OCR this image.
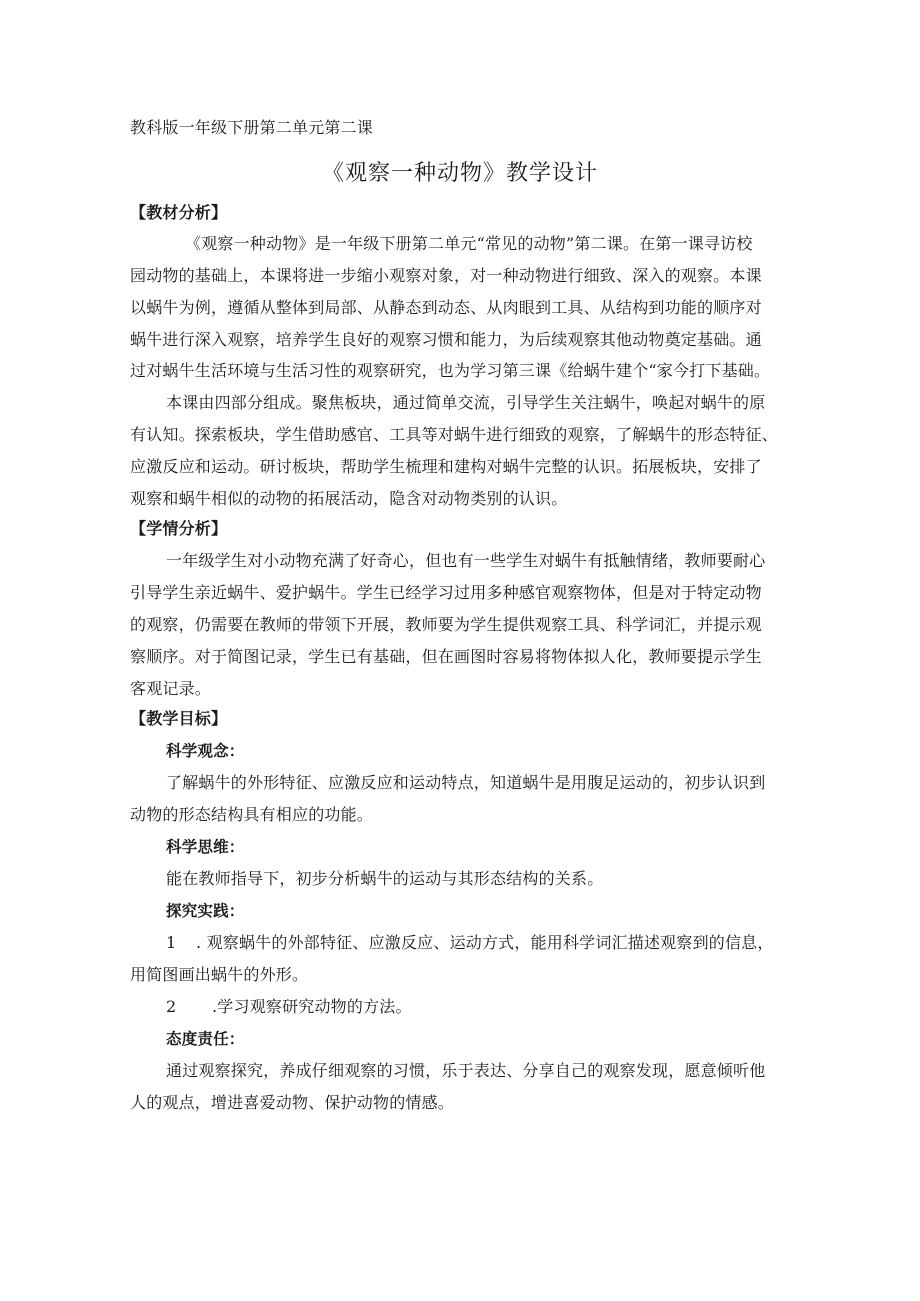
教科版一年级下册第二单元第二课
《观察一种动物》教学设计
【教材分析】
《观察一种动物》是一年级下册第二单元“常见的动物”第二课。在第一课寻访校
园动物的基础上，本课将进一步缩小观察对象，对一种动物进行细致、深入的观察。本课
以蜗牛为例，遵循从整体到局部、从静态到动态、从肉眼到工具、从结构到功能的顺序对
蜗牛进行深入观察，培养学生良好的观察习惯和能力，为后续观察其他动物奠定基础。通
过对蜗牛生活环境与生活习性的观察研究，也为学习第三课《给蜗牛建个“家今打下基础。
本课由四部分组成。聚焦板块，通过简单交流，引导学生关注蜗牛，唤起对蜗牛的原
有认知。探索板块，学生借助感官、工具等对蜗牛进行细致的观察，了解蜗牛的形态特征、
应激反应和运动。研讨板块，帮助学生梳理和建构对蜗牛完整的认识。拓展板块，安排了
观察和蜗牛相似的动物的拓展活动，隐含对动物类别的认识。
【学情分析】
一年级学生对小动物充满了好奇心，但也有一些学生对蜗牛有抵触情绪，教师要耐心
引导学生亲近蜗牛、爱护蜗牛。学生已经学习过用多种感官观察物体，但是对于特定动物
的观察，仍需要在教师的带领下开展，教师要为学生提供观察工具、科学词汇，并提示观
察顺序。对于简图记录，学生已有基础，但在画图时容易将物体拟人化，教师要提示学生
客观记录。
【教学目标】
科学观念：
了解蜗牛的外形特征、应激反应和运动特点，知道蜗牛是用腹足运动的，初步认识到
动物的形态结构具有相应的功能。
科学思维：
能在教师指导下，初步分析蜗牛的运动与其形态结构的关系。
探究实践：
1 . 观察蜗牛的外部特征、应激反应、运动方式，能用科学词汇描述观察到的信息，
用简图画出蜗牛的外形。
2 .学习观察研究动物的方法。
态度责任：
通过观察探究，养成仔细观察的习惯，乐于表达、分享自己的观察发现，愿意倾听他
人的观点，增进喜爱动物、保护动物的情感。
